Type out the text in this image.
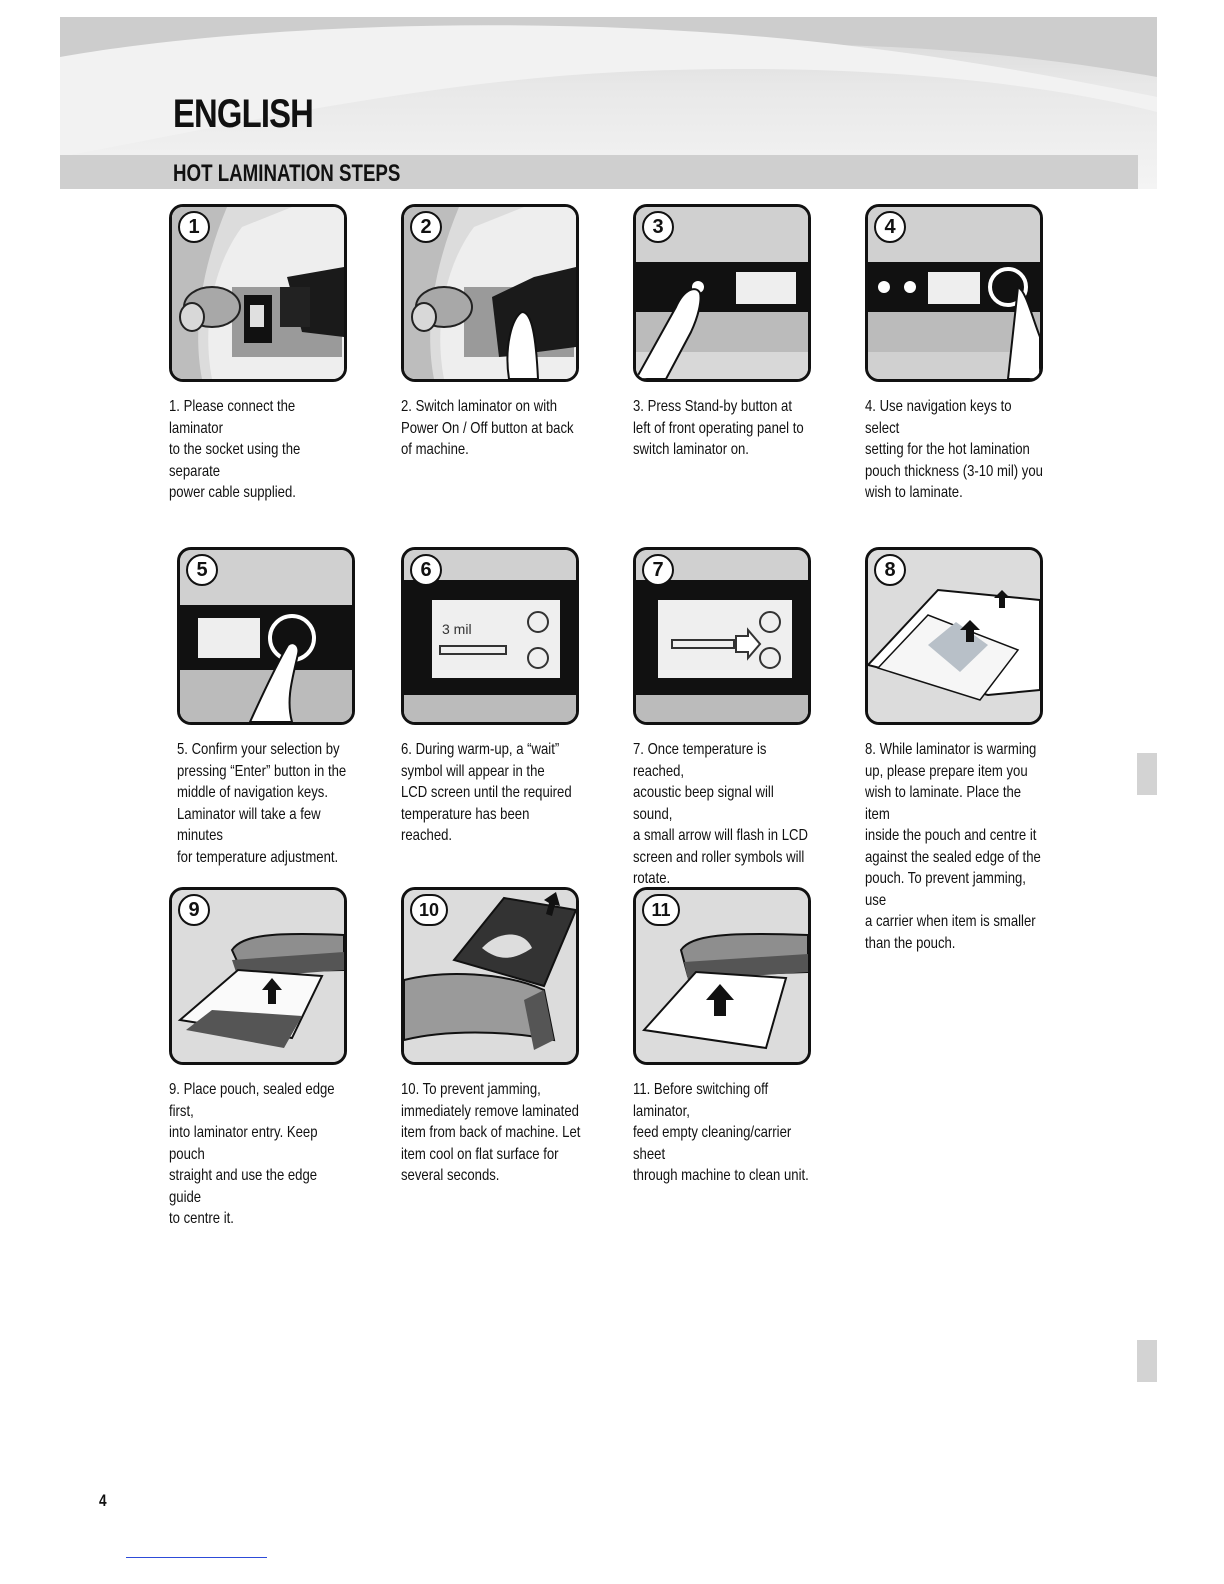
ENGLISH
HOT LAMINATION STEPS
1

1. Please connect the laminator
to the socket using the separate
power cable supplied.

2

2. Switch laminator on with
Power On / Off button at back
of machine.

3

3. Press Stand-by button at
left of front operating panel to
switch laminator on.

4

4. Use navigation keys to select
setting for the hot lamination
pouch thickness (3-10 mil) you
wish to laminate.

5

5. Confirm your selection by
pressing “Enter” button in the
middle of navigation keys.
Laminator will take a few minutes
for temperature adjustment.

6
3 mil

6. During warm-up, a “wait”
symbol will appear in the
LCD screen until the required
temperature has been reached.

7

7. Once temperature is reached,
acoustic beep signal will sound,
a small arrow will flash in LCD
screen and roller symbols will
rotate.

8

8. While laminator is warming
up, please prepare item you
wish to laminate. Place the item
inside the pouch and centre it
against the sealed edge of the
pouch. To prevent jamming, use
a carrier when item is smaller
than the pouch.

9

9. Place pouch, sealed edge first,
into laminator entry. Keep pouch
straight and use the edge guide
to centre it.

10

10. To prevent jamming,
immediately remove laminated
item from back of machine. Let
item cool on flat surface for
several seconds.

11

11. Before switching off laminator,
feed empty cleaning/carrier sheet
through machine to clean unit.

4
